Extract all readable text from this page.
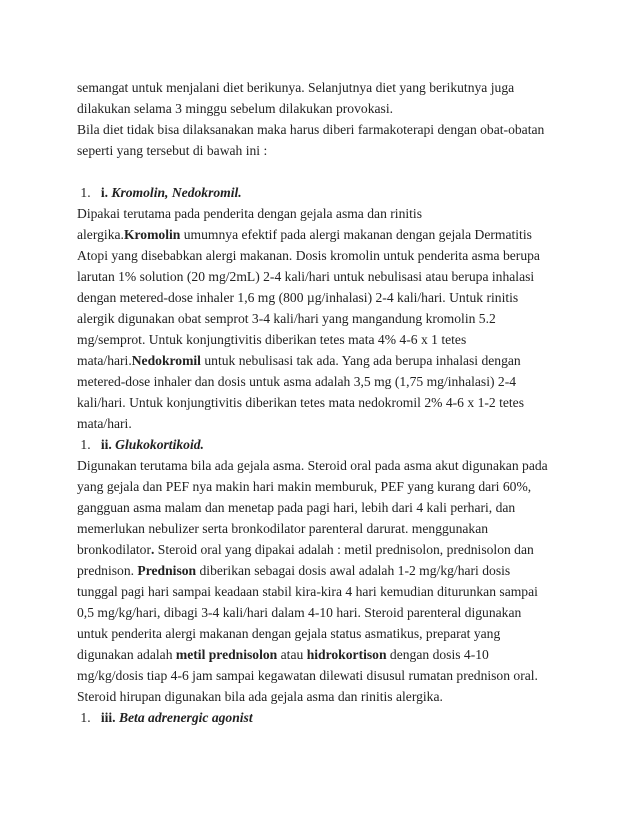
semangat untuk menjalani diet berikunya. Selanjutnya diet yang berikutnya juga
dilakukan selama 3 minggu sebelum dilakukan provokasi.
Bila diet tidak bisa dilaksanakan maka harus diberi farmakoterapi dengan obat-obatan
seperti yang tersebut di bawah ini :
1. i. Kromolin, Nedokromil.
Dipakai terutama pada penderita dengan gejala asma dan rinitis
alergika.Kromolin umumnya efektif pada alergi makanan dengan gejala Dermatitis
Atopi yang disebabkan alergi makanan. Dosis kromolin untuk penderita asma berupa
larutan 1% solution (20 mg/2mL) 2-4 kali/hari untuk nebulisasi atau berupa inhalasi
dengan metered-dose inhaler 1,6 mg (800 µg/inhalasi) 2-4 kali/hari. Untuk rinitis
alergik digunakan obat semprot 3-4 kali/hari yang mangandung kromolin 5.2
mg/semprot. Untuk konjungtivitis diberikan tetes mata 4% 4-6 x 1 tetes
mata/hari.Nedokromil untuk nebulisasi tak ada. Yang ada berupa inhalasi dengan
metered-dose inhaler dan dosis untuk asma adalah 3,5 mg (1,75 mg/inhalasi) 2-4
kali/hari. Untuk konjungtivitis diberikan tetes mata nedokromil 2% 4-6 x 1-2 tetes
mata/hari.
1. ii. Glukokortikoid.
Digunakan terutama bila ada gejala asma. Steroid oral pada asma akut digunakan pada
yang gejala dan PEF nya makin hari makin memburuk, PEF yang kurang dari 60%,
gangguan asma malam dan menetap pada pagi hari, lebih dari 4 kali perhari, dan
memerlukan nebulizer serta bronkodilator parenteral darurat. menggunakan
bronkodilator. Steroid oral yang dipakai adalah : metil prednisolon, prednisolon dan
prednison. Prednison diberikan sebagai dosis awal adalah 1-2 mg/kg/hari dosis
tunggal pagi hari sampai keadaan stabil kira-kira 4 hari kemudian diturunkan sampai
0,5 mg/kg/hari, dibagi 3-4 kali/hari dalam 4-10 hari. Steroid parenteral digunakan
untuk penderita alergi makanan dengan gejala status asmatikus, preparat yang
digunakan adalah metil prednisolon atau hidrokortison dengan dosis 4-10
mg/kg/dosis tiap 4-6 jam sampai kegawatan dilewati disusul rumatan prednison oral.
Steroid hirupan digunakan bila ada gejala asma dan rinitis alergika.
1. iii. Beta adrenergic agonist
